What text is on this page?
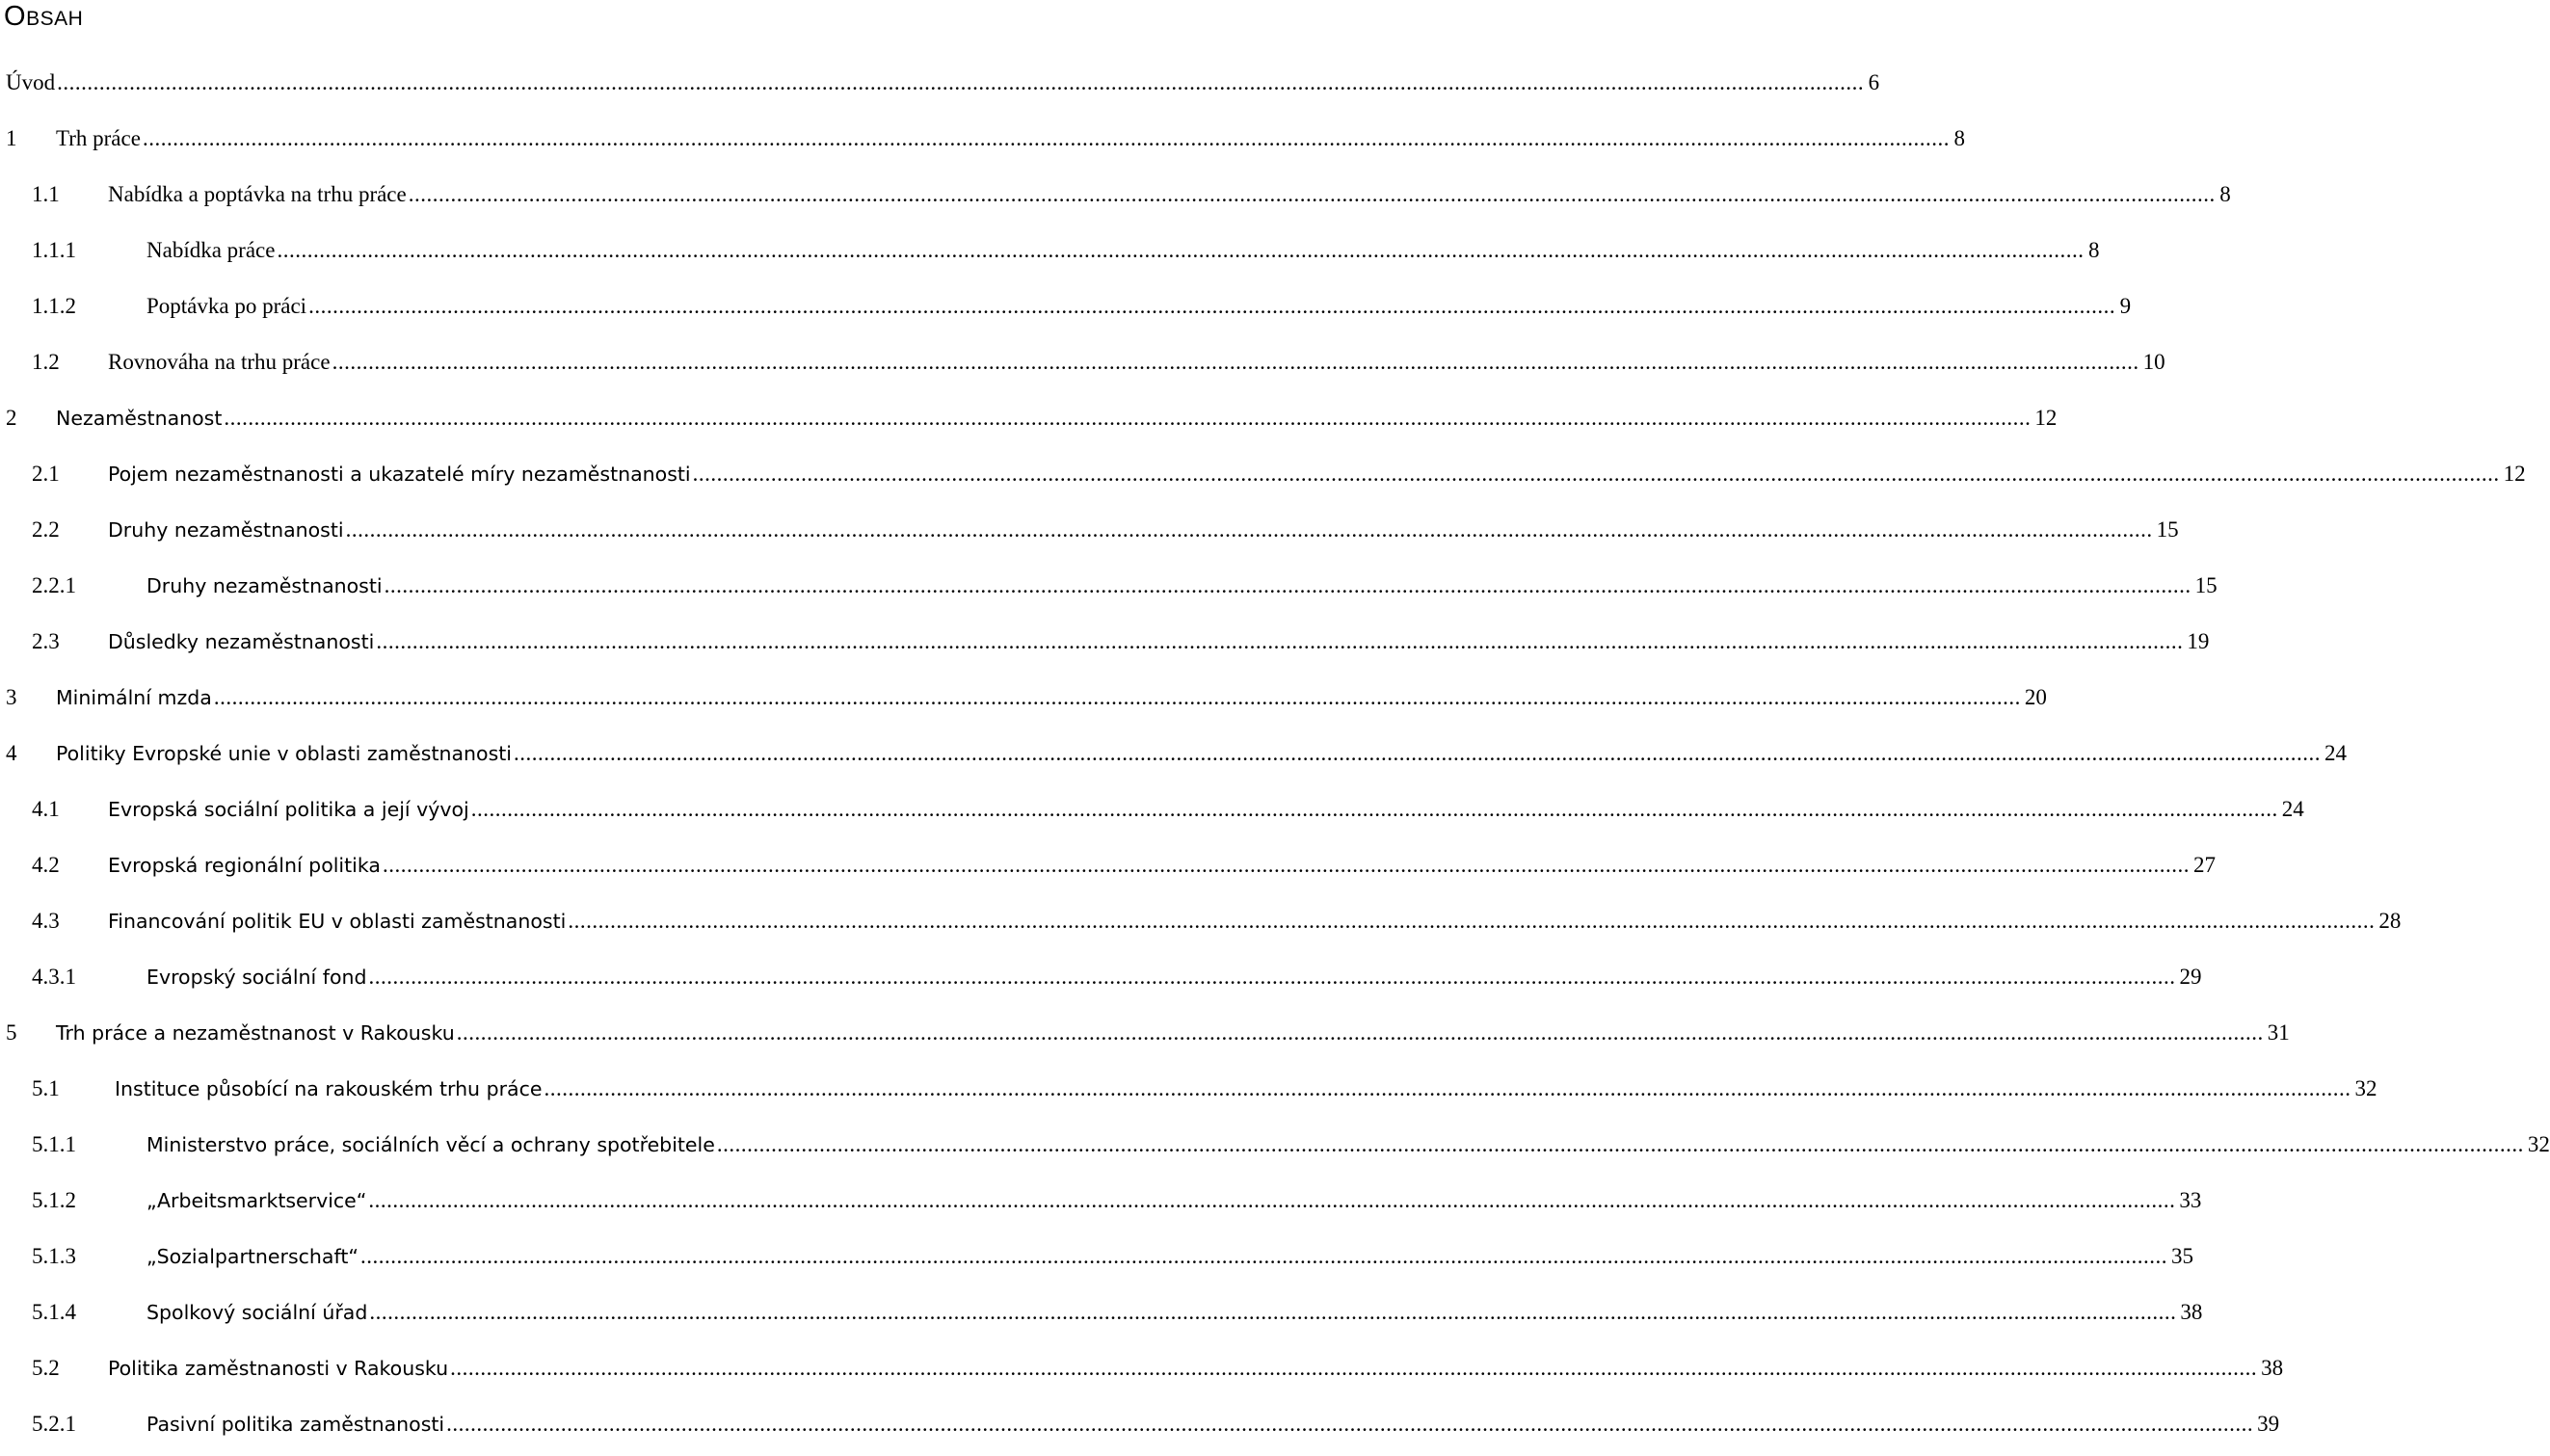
OBSAH
Úvod ............................................................................................................................................................................................................................................................................................................ 6
1	Trh práce ............................................................................................................................................................................................................................................................................................................ 8
1.1	Nabídka a poptávka na trhu práce ............................................................................................................................................................................................................................................................................................................ 8
1.1.1	Nabídka práce ............................................................................................................................................................................................................................................................................................................ 8
1.1.2	Poptávka po práci ............................................................................................................................................................................................................................................................................................................ 9
1.2	Rovnováha na trhu práce ............................................................................................................................................................................................................................................................................................................ 10
2	Nezaměstnanost ............................................................................................................................................................................................................................................................................................................ 12
2.1	Pojem nezaměstnanosti a ukazatelé míry nezaměstnanosti ............................................................................................................................................................................................................................................................................................................ 12
2.2	Druhy nezaměstnanosti ............................................................................................................................................................................................................................................................................................................ 15
2.2.1	Druhy nezaměstnanosti ............................................................................................................................................................................................................................................................................................................ 15
2.3	Důsledky nezaměstnanosti ............................................................................................................................................................................................................................................................................................................ 19
3	Minimální mzda ............................................................................................................................................................................................................................................................................................................ 20
4	Politiky Evropské unie v oblasti zaměstnanosti ............................................................................................................................................................................................................................................................................................................ 24
4.1	Evropská sociální politika a její vývoj ............................................................................................................................................................................................................................................................................................................ 24
4.2	Evropská regionální politika ............................................................................................................................................................................................................................................................................................................ 27
4.3	Financování politik EU v oblasti zaměstnanosti ............................................................................................................................................................................................................................................................................................................ 28
4.3.1	Evropský sociální fond ............................................................................................................................................................................................................................................................................................................ 29
5	Trh práce a nezaměstnanost v Rakousku ............................................................................................................................................................................................................................................................................................................ 31
5.1	Instituce působící na rakouském trhu práce ............................................................................................................................................................................................................................................................................................................ 32
5.1.1	Ministerstvo práce, sociálních věcí a ochrany spotřebitele ............................................................................................................................................................................................................................................................................................................ 32
5.1.2	„Arbeitsmarktservice“ ............................................................................................................................................................................................................................................................................................................ 33
5.1.3	„Sozialpartnerschaft“ ............................................................................................................................................................................................................................................................................................................ 35
5.1.4	Spolkový sociální úřad ............................................................................................................................................................................................................................................................................................................ 38
5.2	Politika zaměstnanosti v Rakousku ............................................................................................................................................................................................................................................................................................................ 38
5.2.1	Pasivní politika zaměstnanosti ............................................................................................................................................................................................................................................................................................................ 39
